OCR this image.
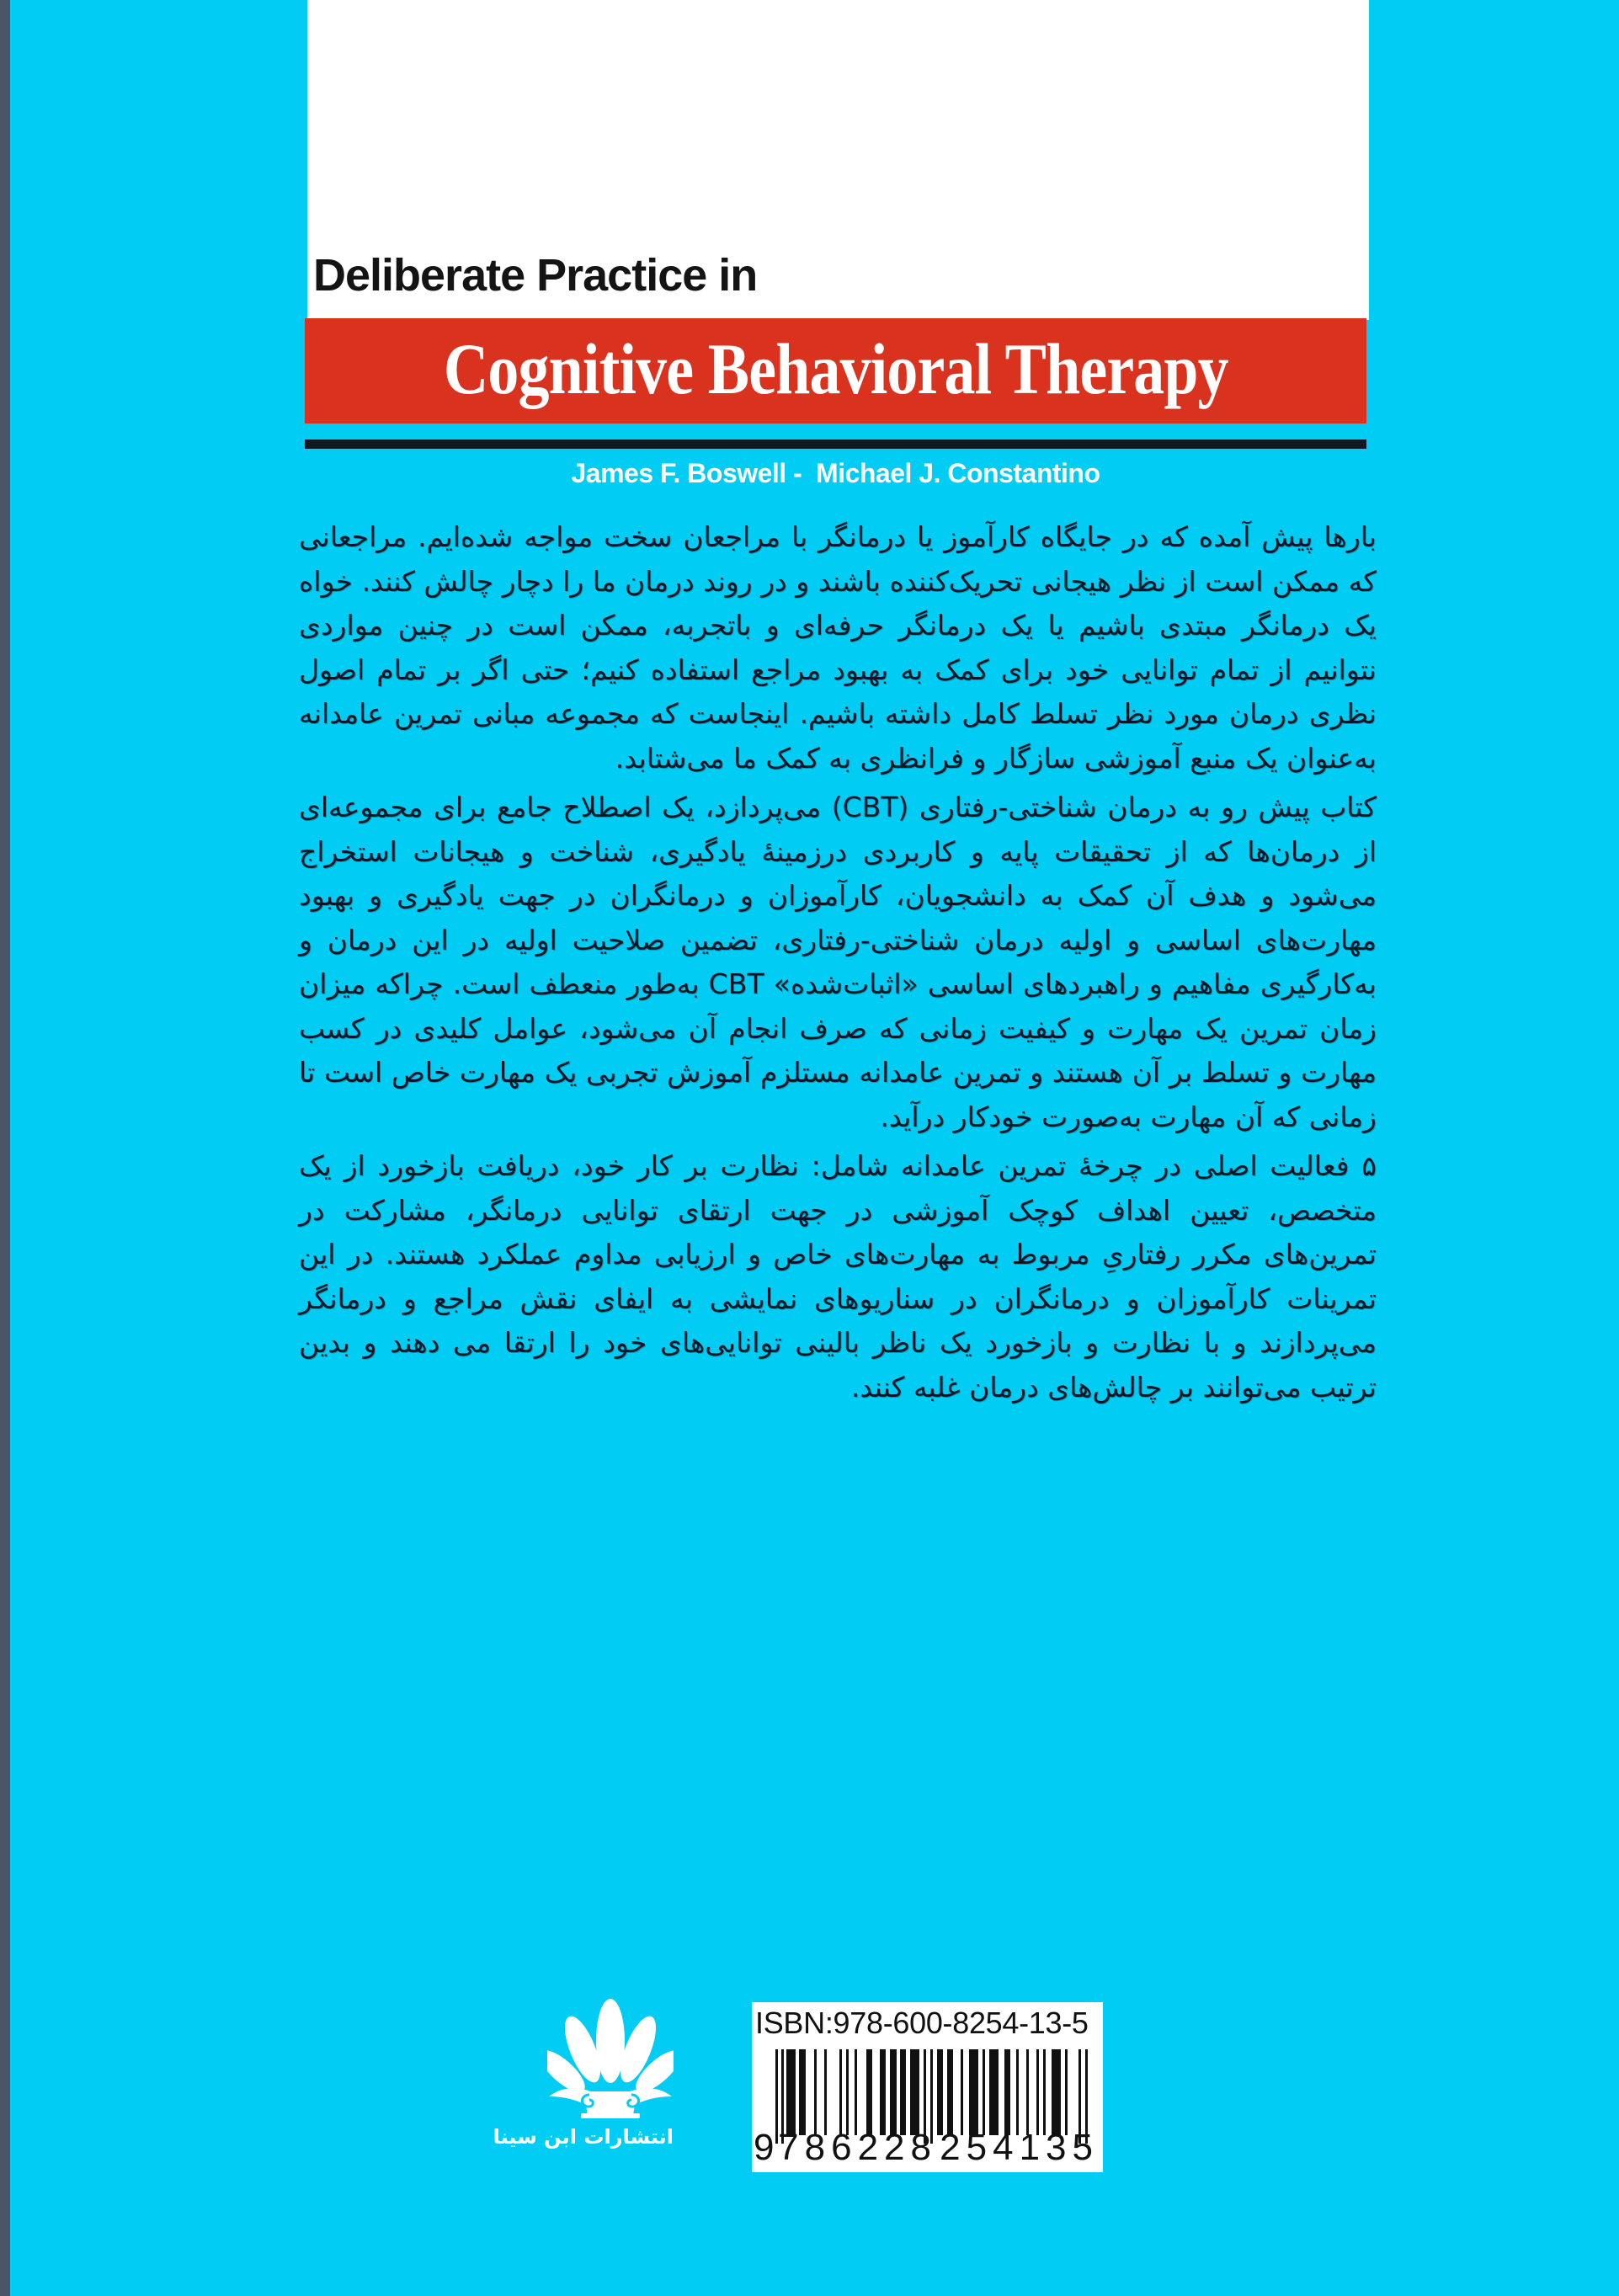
Deliberate Practice in
Cognitive Behavioral Therapy
James F. Boswell -  Michael J. Constantino

بارها پیش آمده که در جایگاه کارآموز یا درمانگر با مراجعان سخت مواجه شده‌ایم. مراجعانی که ممکن است از نظر هیجانی تحریک‌کننده باشند و در روند درمان ما را دچار چالش کنند. خواه یک درمانگر مبتدی باشیم یا یک درمانگر حرفه‌ای و باتجربه، ممکن است در چنین مواردی نتوانیم از تمام توانایی خود برای کمک به بهبود مراجع استفاده کنیم؛ حتی اگر بر تمام اصول نظری درمان مورد نظر تسلط کامل داشته باشیم. اینجاست که مجموعه مبانی تمرین عامدانه به‌عنوان یک منبع آموزشی سازگار و فرانظری به کمک ما می‌شتابد.

کتاب پیش رو به درمان شناختی-رفتاری (CBT) می‌پردازد، یک اصطلاح جامع برای مجموعه‌ای از درمان‌ها که از تحقیقات پایه و کاربردی درزمینهٔ یادگیری، شناخت و هیجانات استخراج می‌شود و هدف آن کمک به دانشجویان، کارآموزان و درمانگران در جهت یادگیری و بهبود مهارت‌های اساسی و اولیه درمان شناختی-رفتاری، تضمین صلاحیت اولیه در این درمان و به‌کارگیری مفاهیم و راهبردهای اساسی «اثبات‌شده» CBT به‌طور منعطف است. چراکه میزان زمان تمرین یک مهارت و کیفیت زمانی که صرف انجام آن می‌شود، عوامل کلیدی در کسب مهارت و تسلط بر آن هستند و تمرین عامدانه مستلزم آموزش تجربی یک مهارت خاص است تا زمانی که آن مهارت به‌صورت خودکار درآید.

۵ فعالیت اصلی در چرخهٔ تمرین عامدانه شامل: نظارت بر کار خود، دریافت بازخورد از یک متخصص، تعیین اهداف کوچک آموزشی در جهت ارتقای توانایی درمانگر، مشارکت در تمرین‌های مکرر رفتاریِ مربوط به مهارت‌های خاص و ارزیابی مداوم عملکرد هستند. در این تمرینات کارآموزان و درمانگران در سناریوهای نمایشی به ایفای نقش مراجع و درمانگر می‌پردازند و با نظارت و بازخورد یک ناظر بالینی توانایی‌های خود را ارتقا می دهند و بدین ترتیب می‌توانند بر چالش‌های درمان غلبه کنند.

انتشارات ابن سینا
ISBN:978-600-8254-13-5
9 786228 254135
